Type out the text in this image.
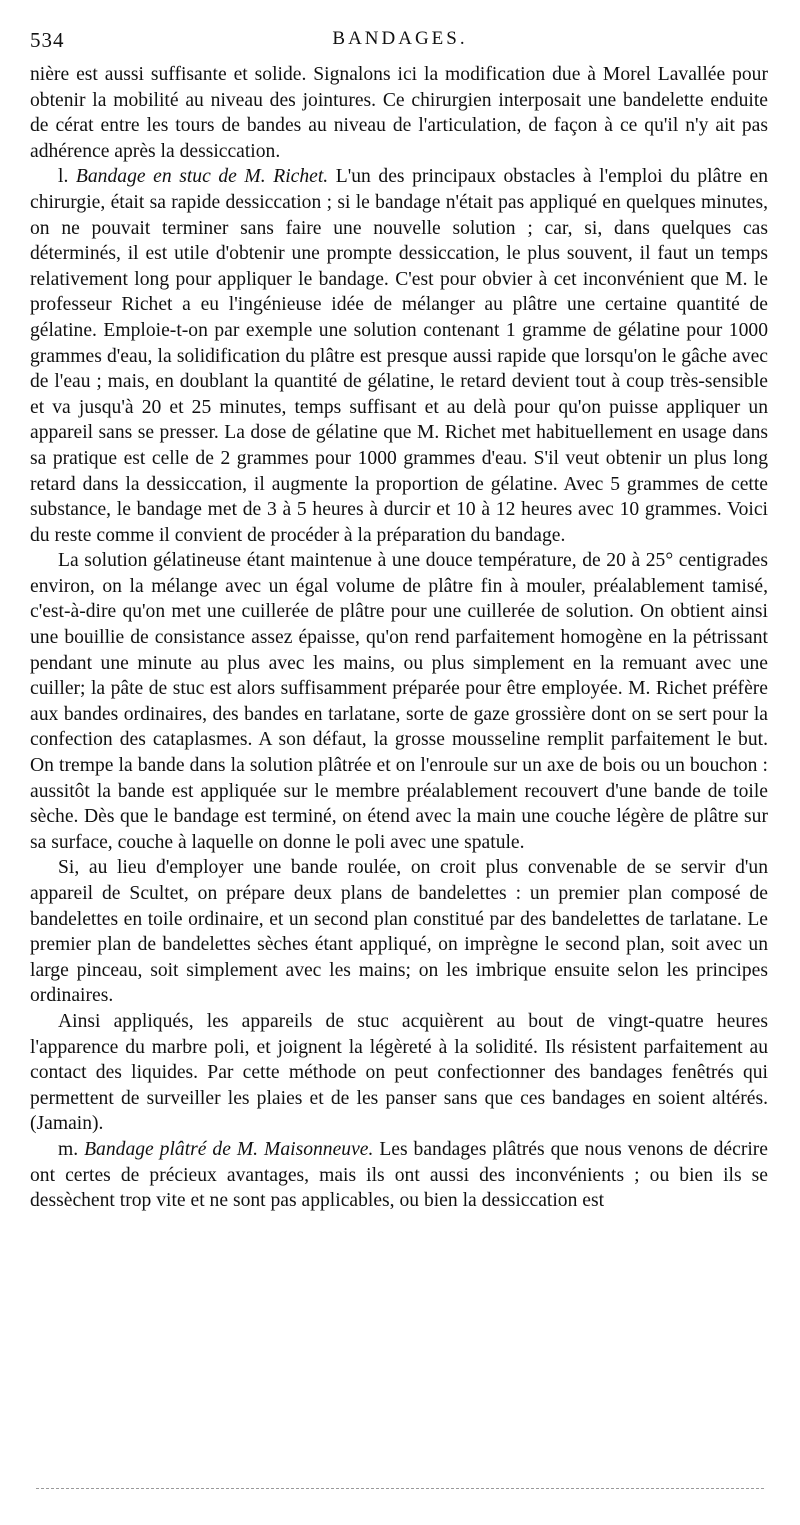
534	BANDAGES.

nière est aussi suffisante et solide. Signalons ici la modification due à Morel Lavallée pour obtenir la mobilité au niveau des jointures. Ce chirurgien interposait une bandelette enduite de cérat entre les tours de bandes au niveau de l'articulation, de façon à ce qu'il n'y ait pas adhérence après la dessiccation.

l. Bandage en stuc de M. Richet. L'un des principaux obstacles à l'emploi du plâtre en chirurgie, était sa rapide dessiccation ; si le bandage n'était pas appliqué en quelques minutes, on ne pouvait terminer sans faire une nouvelle solution ; car, si, dans quelques cas déterminés, il est utile d'obtenir une prompte dessiccation, le plus souvent, il faut un temps relativement long pour appliquer le bandage. C'est pour obvier à cet inconvénient que M. le professeur Richet a eu l'ingénieuse idée de mélanger au plâtre une certaine quantité de gélatine. Emploie-t-on par exemple une solution contenant 1 gramme de gélatine pour 1000 grammes d'eau, la solidification du plâtre est presque aussi rapide que lorsqu'on le gâche avec de l'eau ; mais, en doublant la quantité de gélatine, le retard devient tout à coup très-sensible et va jusqu'à 20 et 25 minutes, temps suffisant et au delà pour qu'on puisse appliquer un appareil sans se presser. La dose de gélatine que M. Richet met habituellement en usage dans sa pratique est celle de 2 grammes pour 1000 grammes d'eau. S'il veut obtenir un plus long retard dans la dessiccation, il augmente la proportion de gélatine. Avec 5 grammes de cette substance, le bandage met de 3 à 5 heures à durcir et 10 à 12 heures avec 10 grammes. Voici du reste comme il convient de procéder à la préparation du bandage.

La solution gélatineuse étant maintenue à une douce température, de 20 à 25° centigrades environ, on la mélange avec un égal volume de plâtre fin à mouler, préalablement tamisé, c'est-à-dire qu'on met une cuillerée de plâtre pour une cuillerée de solution. On obtient ainsi une bouillie de consistance assez épaisse, qu'on rend parfaitement homogène en la pétrissant pendant une minute au plus avec les mains, ou plus simplement en la remuant avec une cuiller; la pâte de stuc est alors suffisamment préparée pour être employée. M. Richet préfère aux bandes ordinaires, des bandes en tarlatane, sorte de gaze grossière dont on se sert pour la confection des cataplasmes. A son défaut, la grosse mousseline remplit parfaitement le but. On trempe la bande dans la solution plâtrée et on l'enroule sur un axe de bois ou un bouchon : aussitôt la bande est appliquée sur le membre préalablement recouvert d'une bande de toile sèche. Dès que le bandage est terminé, on étend avec la main une couche légère de plâtre sur sa surface, couche à laquelle on donne le poli avec une spatule.

Si, au lieu d'employer une bande roulée, on croit plus convenable de se servir d'un appareil de Scultet, on prépare deux plans de bandelettes : un premier plan composé de bandelettes en toile ordinaire, et un second plan constitué par des bandelettes de tarlatane. Le premier plan de bandelettes sèches étant appliqué, on imprègne le second plan, soit avec un large pinceau, soit simplement avec les mains; on les imbrique ensuite selon les principes ordinaires.

Ainsi appliqués, les appareils de stuc acquièrent au bout de vingt-quatre heures l'apparence du marbre poli, et joignent la légèreté à la solidité. Ils résistent parfaitement au contact des liquides. Par cette méthode on peut confectionner des bandages fenêtrés qui permettent de surveiller les plaies et de les panser sans que ces bandages en soient altérés. (Jamain).

m. Bandage plâtré de M. Maisonneuve. Les bandages plâtrés que nous venons de décrire ont certes de précieux avantages, mais ils ont aussi des inconvénients ; ou bien ils se dessèchent trop vite et ne sont pas applicables, ou bien la dessiccation est
